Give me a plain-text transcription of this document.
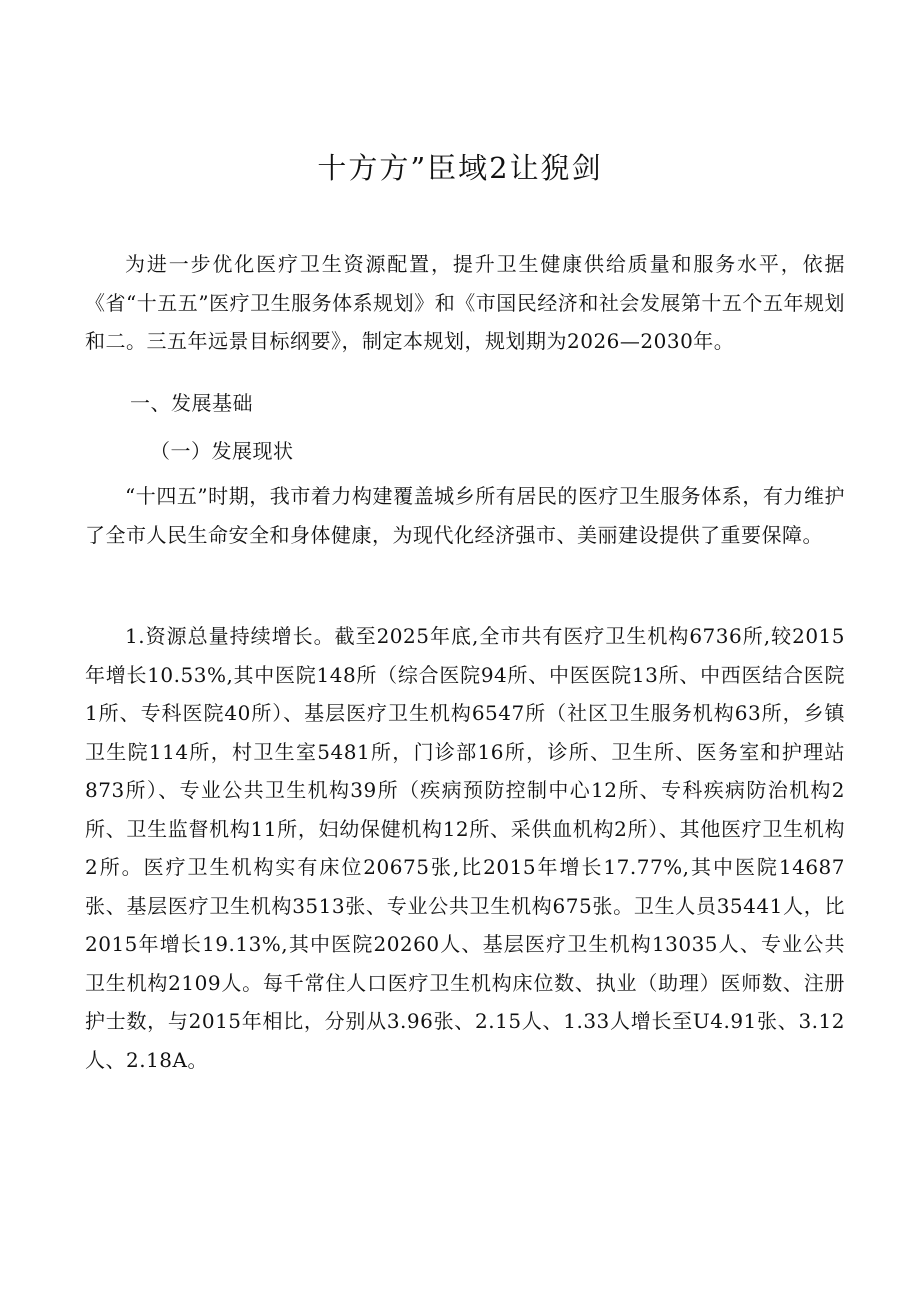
十方方”臣域2让猊剑
为进一步优化医疗卫生资源配置，提升卫生健康供给质量和服务水平，依据《省“十五五”医疗卫生服务体系规划》和《市国民经济和社会发展第十五个五年规划和二。三五年远景目标纲要》，制定本规划，规划期为2026—2030年。
一、发展基础
（一）发展现状
“十四五”时期，我市着力构建覆盖城乡所有居民的医疗卫生服务体系，有力维护了全市人民生命安全和身体健康，为现代化经济强市、美丽建设提供了重要保障。
1.资源总量持续增长。截至2025年底,全市共有医疗卫生机构6736所,较2015年增长10.53%,其中医院148所（综合医院94所、中医医院13所、中西医结合医院1所、专科医院40所）、基层医疗卫生机构6547所（社区卫生服务机构63所，乡镇卫生院114所，村卫生室5481所，门诊部16所，诊所、卫生所、医务室和护理站873所）、专业公共卫生机构39所（疾病预防控制中心12所、专科疾病防治机构2所、卫生监督机构11所，妇幼保健机构12所、采供血机构2所）、其他医疗卫生机构2所。医疗卫生机构实有床位20675张,比2015年增长17.77%,其中医院14687张、基层医疗卫生机构3513张、专业公共卫生机构675张。卫生人员35441人，比2015年增长19.13%,其中医院20260人、基层医疗卫生机构13035人、专业公共卫生机构2109人。每千常住人口医疗卫生机构床位数、执业（助理）医师数、注册护士数，与2015年相比，分别从3.96张、2.15人、1.33人增长至U4.91张、3.12人、2.18A。
